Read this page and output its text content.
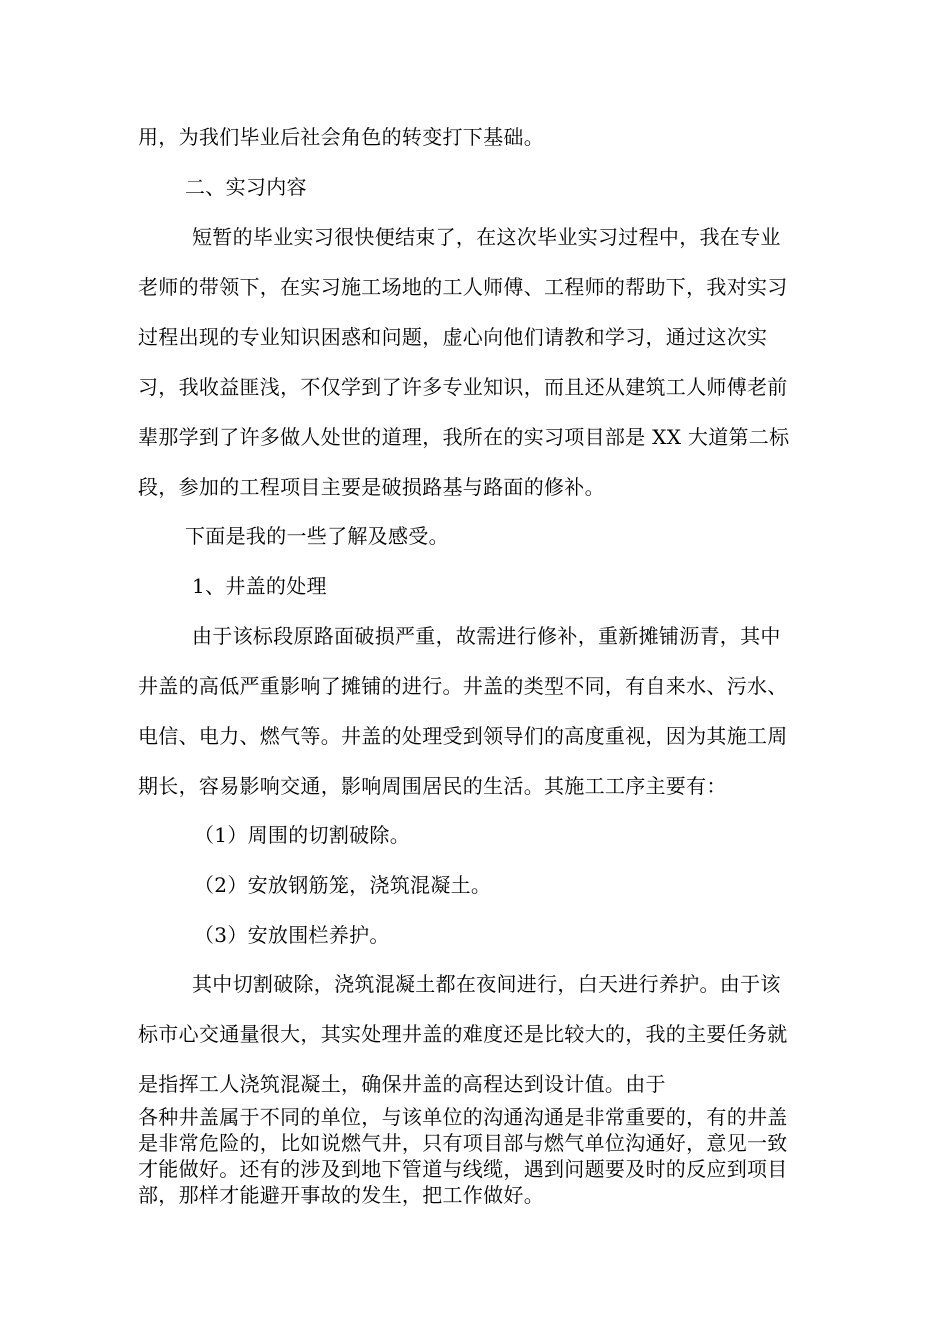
用，为我们毕业后社会角色的转变打下基础。
二、实习内容
短暂的毕业实习很快便结束了，在这次毕业实习过程中，我在专业
老师的带领下，在实习施工场地的工人师傅、工程师的帮助下，我对实习
过程出现的专业知识困惑和问题，虚心向他们请教和学习，通过这次实
习，我收益匪浅，不仅学到了许多专业知识，而且还从建筑工人师傅老前
辈那学到了许多做人处世的道理，我所在的实习项目部是 XX 大道第二标
段，参加的工程项目主要是破损路基与路面的修补。
下面是我的一些了解及感受。
1、井盖的处理
由于该标段原路面破损严重，故需进行修补，重新摊铺沥青，其中
井盖的高低严重影响了摊铺的进行。井盖的类型不同，有自来水、污水、
电信、电力、燃气等。井盖的处理受到领导们的高度重视，因为其施工周
期长，容易影响交通，影响周围居民的生活。其施工工序主要有：
（1）周围的切割破除。
（2）安放钢筋笼，浇筑混凝土。
（3）安放围栏养护。
其中切割破除，浇筑混凝土都在夜间进行，白天进行养护。由于该
标市心交通量很大，其实处理井盖的难度还是比较大的，我的主要任务就
是指挥工人浇筑混凝土，确保井盖的高程达到设计值。由于
各种井盖属于不同的单位，与该单位的沟通沟通是非常重要的，有的井盖
是非常危险的，比如说燃气井，只有项目部与燃气单位沟通好，意见一致
才能做好。还有的涉及到地下管道与线缆，遇到问题要及时的反应到项目
部，那样才能避开事故的发生，把工作做好。
